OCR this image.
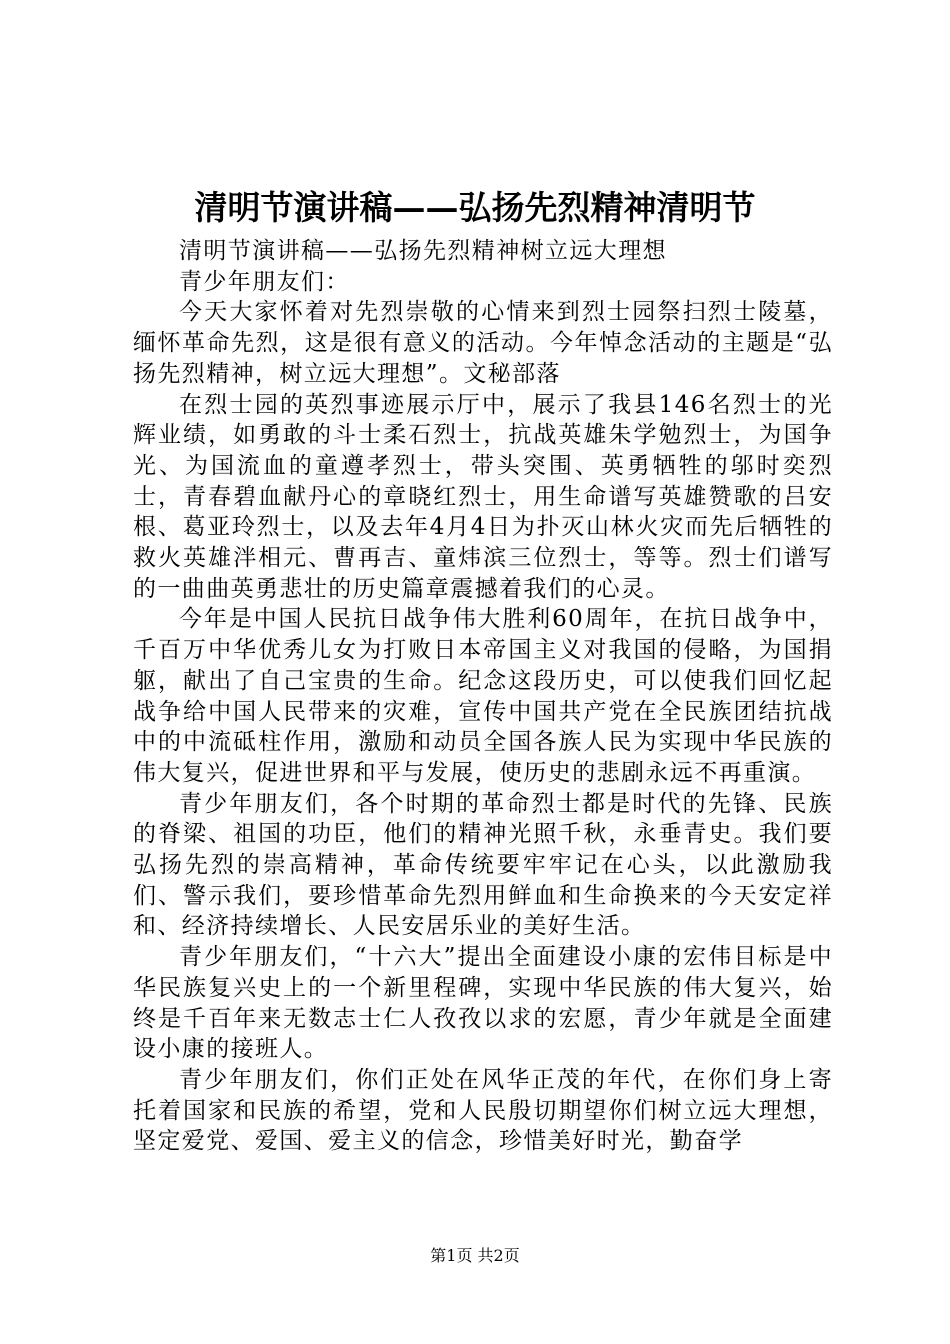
清明节演讲稿——弘扬先烈精神清明节

清明节演讲稿——弘扬先烈精神树立远大理想

青少年朋友们：

今天大家怀着对先烈崇敬的心情来到烈士园祭扫烈士陵墓，缅怀革命先烈，这是很有意义的活动。今年悼念活动的主题是“弘扬先烈精神，树立远大理想”。文秘部落

在烈士园的英烈事迹展示厅中，展示了我县146名烈士的光辉业绩，如勇敢的斗士柔石烈士，抗战英雄朱学勉烈士，为国争光、为国流血的童遵孝烈士，带头突围、英勇牺牲的邬时奕烈士，青春碧血献丹心的章晓红烈士，用生命谱写英雄赞歌的吕安根、葛亚玲烈士，以及去年4月4日为扑灭山林火灾而先后牺牲的救火英雄泮相元、曹再吉、童炜滨三位烈士，等等。烈士们谱写的一曲曲英勇悲壮的历史篇章震撼着我们的心灵。

今年是中国人民抗日战争伟大胜利60周年，在抗日战争中，千百万中华优秀儿女为打败日本帝国主义对我国的侵略，为国捐躯，献出了自己宝贵的生命。纪念这段历史，可以使我们回忆起战争给中国人民带来的灾难，宣传中国共产党在全民族团结抗战中的中流砥柱作用，激励和动员全国各族人民为实现中华民族的伟大复兴，促进世界和平与发展，使历史的悲剧永远不再重演。

青少年朋友们，各个时期的革命烈士都是时代的先锋、民族的脊梁、祖国的功臣，他们的精神光照千秋，永垂青史。我们要弘扬先烈的崇高精神，革命传统要牢牢记在心头，以此激励我们、警示我们，要珍惜革命先烈用鲜血和生命换来的今天安定祥和、经济持续增长、人民安居乐业的美好生活。

青少年朋友们，“十六大”提出全面建设小康的宏伟目标是中华民族复兴史上的一个新里程碑，实现中华民族的伟大复兴，始终是千百年来无数志士仁人孜孜以求的宏愿，青少年就是全面建设小康的接班人。

青少年朋友们，你们正处在风华正茂的年代，在你们身上寄托着国家和民族的希望，党和人民殷切期望你们树立远大理想，坚定爱党、爱国、爱主义的信念，珍惜美好时光，勤奋学

第1页 共2页
